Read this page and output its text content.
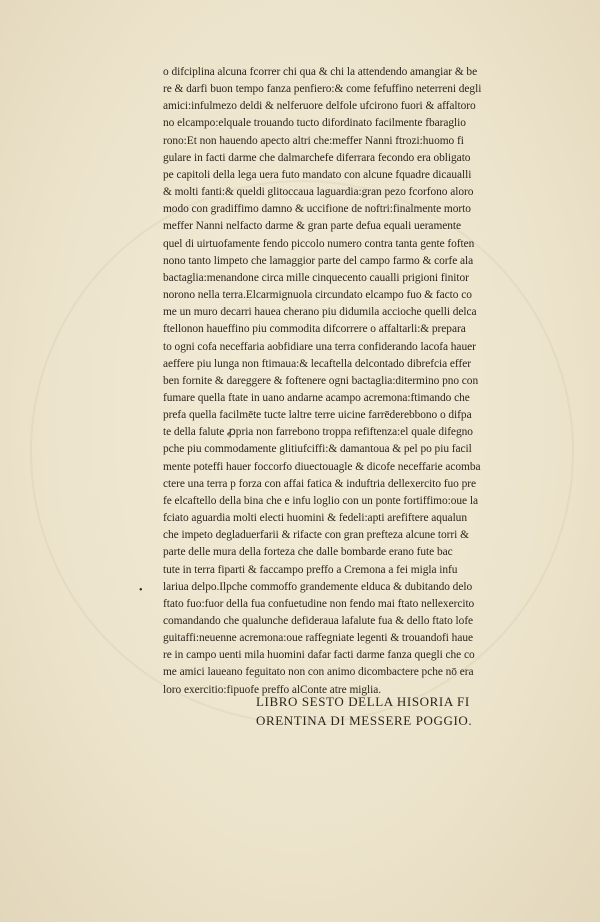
•
o difciplina alcuna fcorrer chi qua & chi la attendendo amangiar & be
re & darfi buon tempo fanza penfiero:& come fefuffino neterreni degli
amici:infulmezo deldi & nelferuore delfole ufcirono fuori & affaltoro
no elcampo:elquale trouando tucto difordinato facilmente fbaraglio
rono:Et non hauendo apecto altri che:meffer Nanni ftrozi:huomo fi
gulare in facti darme che dalmarchefe diferrara fecondo era obligato
pe capitoli della lega uera futo mandato con alcune fquadre dicaualli
& molti fanti:& queldi glitoccaua laguardia:gran pezo fcorfono aloro
modo con gradiffimo damno & uccifione de noftri:finalmente morto
meffer Nanni nelfacto darme & gran parte defua equali ueramente
quel di uirtuofamente fendo piccolo numero contra tanta gente foften
nono tanto limpeto che lamaggior parte del campo farmo & corfe ala
bactaglia:menandone circa mille cinquecento caualli prigioni finitor
norono nella terra.Elcarmignuola circundato elcampo fuo & facto co
me un muro decarri hauea cherano piu didumila accioche quelli delca
ftellonon haueffino piu commodita difcorrere o affaltarli:& prepara
to ogni cofa neceffaria aobfidiare una terra confiderando lacofa hauer
aeffere piu lunga non ftimaua:& lecaftella delcontado dibrefcia effer
ben fornite & dareggere & foftenere ogni bactaglia:ditermino pno con
fumare quella ftate in uano andarne acampo acremona:ftimando che
prefa quella facilmēte tucte laltre terre uicine farrēderebbono o difpa
te della falute ꝓpria non farrebono troppa refiftenza:el quale difegno
pche piu commodamente glitiufciffi:& damantoua & pel po piu facil
mente poteffi hauer foccorfo diuectouagle & dicofe neceffarie acomba
ctere una terra p forza con affai fatica & induftria dellexercito fuo pre
fe elcaftello della bina che e infu loglio con un ponte fortiffimo:oue la
fciato aguardia molti electi huomini & fedeli:apti arefiftere aqualun
che impeto degladuerfarii & rifacte con gran prefteza alcune torri &
parte delle mura della forteza che dalle bombarde erano fute bac
tute in terra fiparti & faccampo preffo a Cremona a fei migla infu
lariua delpo.Ilpche commoffo grandemente elduca & dubitando delo
ftato fuo:fuor della fua confuetudine non fendo mai ftato nellexercito
comandando che qualunche defideraua lafalute fua & dello ftato lofe
guitaffi:neuenne acremona:oue raffegniate legenti & trouandofi haue
re in campo uenti mila huomini dafar facti darme fanza quegli che co
me amici laueano feguitato non con animo dicombactere pche nō era
loro exercitio:fipuofe preffo alConte atre miglia.
LIBRO SESTO DELLA HISORIA FI
ORENTINA DI MESSERE POGGIO.
